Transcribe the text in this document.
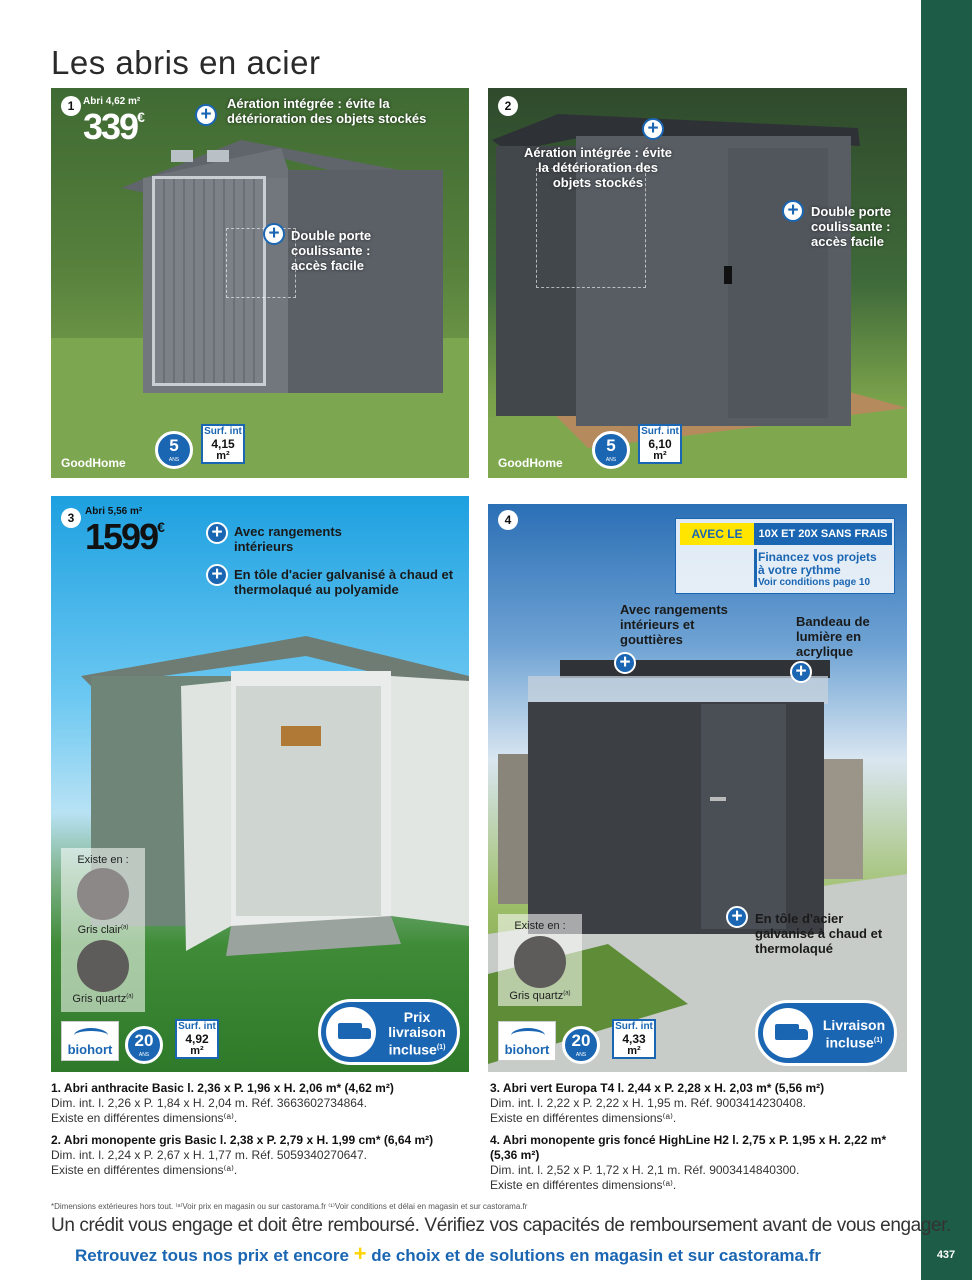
437
Les abris en acier
1 Abri 4,62 m²
339€	+
Aération intégrée : évite la détérioration des objets stockés
+ Double porte coulissante : accès facile
GoodHome
5
ANS
Surf. int
4,15
m²
2
+
Aération intégrée : évite la détérioration des objets stockés
+ Double porte coulissante : accès facile
GoodHome
5
ANS
Surf. int
6,10
m²
3	Abri 5,56 m²
1599€ + Avec rangements intérieurs
+ En tôle d'acier galvanisé à chaud et thermolaqué au polyamide
Existe en :
Gris clair$^{(a)}$
Gris quartz$^{(a)}$
biohort	20
ANS
Surf. int
4,92
m²
Prix livraison incluse$^{(1)}$
4
AVEC LE	10X ET 20X SANS FRAIS
Financez vos projets
à votre rythme
Voir conditions page 10
Avec rangements intérieurs et gouttières
+
Bandeau de lumière en acrylique
+
+ En tôle d'acier galvanisé à chaud et thermolaqué
Existe en :
Gris quartz$^{(a)}$
biohort	20
ANS
Surf. int
4,33
m²
Livraison incluse$^{(1)}$
1. Abri anthracite Basic l. 2,36 x P. 1,96 x H. 2,06 m* (4,62 m²)
Dim. int. l. 2,26 x P. 1,84 x H. 2,04 m. Réf. 3663602734864.
Existe en différentes dimensions⁽ᵃ⁾.
2. Abri monopente gris Basic l. 2,38 x P. 2,79 x H. 1,99 cm* (6,64 m²)
Dim. int. l. 2,24 x P. 2,67 x H. 1,77 m. Réf. 5059340270647.
Existe en différentes dimensions⁽ᵃ⁾.
3. Abri vert Europa T4 l. 2,44 x P. 2,28 x H. 2,03 m* (5,56 m²)
Dim. int. l. 2,22 x P. 2,22 x H. 1,95 m. Réf. 9003414230408.
Existe en différentes dimensions⁽ᵃ⁾.
4. Abri monopente gris foncé HighLine H2 l. 2,75 x P. 1,95 x H. 2,22 m* (5,36 m²)
Dim. int. l. 2,52 x P. 1,72 x H. 2,1 m. Réf. 9003414840300.
Existe en différentes dimensions⁽ᵃ⁾.
*Dimensions extérieures hors tout. ⁽ᵃ⁾Voir prix en magasin ou sur castorama.fr ⁽¹⁾Voir conditions et délai en magasin et sur castorama.fr
Un crédit vous engage et doit être remboursé. Vérifiez vos capacités de remboursement avant de vous engager.
Retrouvez tous nos prix et encore + de choix et de solutions en magasin et sur castorama.fr
